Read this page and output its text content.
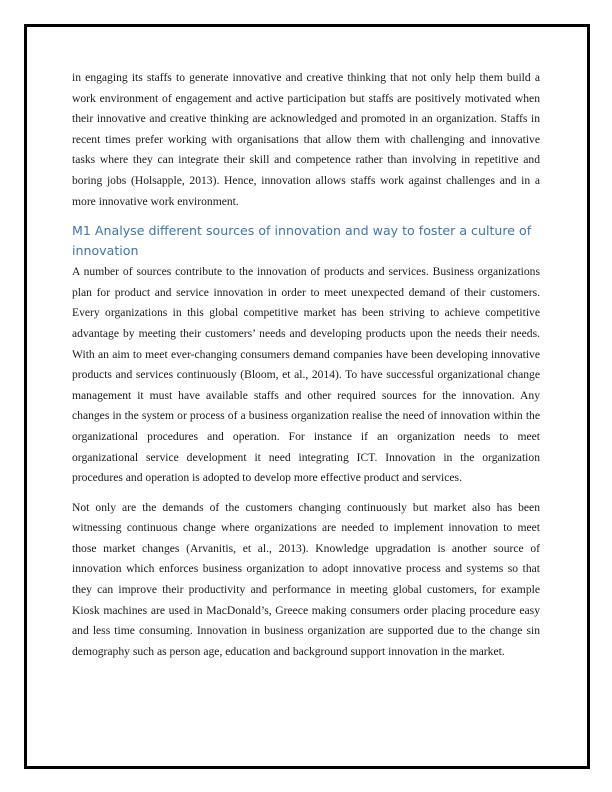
in engaging its staffs to generate innovative and creative thinking that not only help them build a work environment of engagement and active participation but staffs are positively motivated when their innovative and creative thinking are acknowledged and promoted in an organization. Staffs in recent times prefer working with organisations that allow them with challenging and innovative tasks where they can integrate their skill and competence rather than involving in repetitive and boring jobs (Holsapple, 2013). Hence, innovation allows staffs work against challenges and in a more innovative work environment.

M1 Analyse different sources of innovation and way to foster a culture of innovation

A number of sources contribute to the innovation of products and services. Business organizations plan for product and service innovation in order to meet unexpected demand of their customers. Every organizations in this global competitive market has been striving to achieve competitive advantage by meeting their customers’ needs and developing products upon the needs their needs. With an aim to meet ever-changing consumers demand companies have been developing innovative products and services continuously (Bloom, et al., 2014). To have successful organizational change management it must have available staffs and other required sources for the innovation. Any changes in the system or process of a business organization realise the need of innovation within the organizational procedures and operation. For instance if an organization needs to meet organizational service development it need integrating ICT. Innovation in the organization procedures and operation is adopted to develop more effective product and services.

Not only are the demands of the customers changing continuously but market also has been witnessing continuous change where organizations are needed to implement innovation to meet those market changes (Arvanitis, et al., 2013). Knowledge upgradation is another source of innovation which enforces business organization to adopt innovative process and systems so that they can improve their productivity and performance in meeting global customers, for example Kiosk machines are used in MacDonald’s, Greece making consumers order placing procedure easy and less time consuming. Innovation in business organization are supported due to the change sin demography such as person age, education and background support innovation in the market.
